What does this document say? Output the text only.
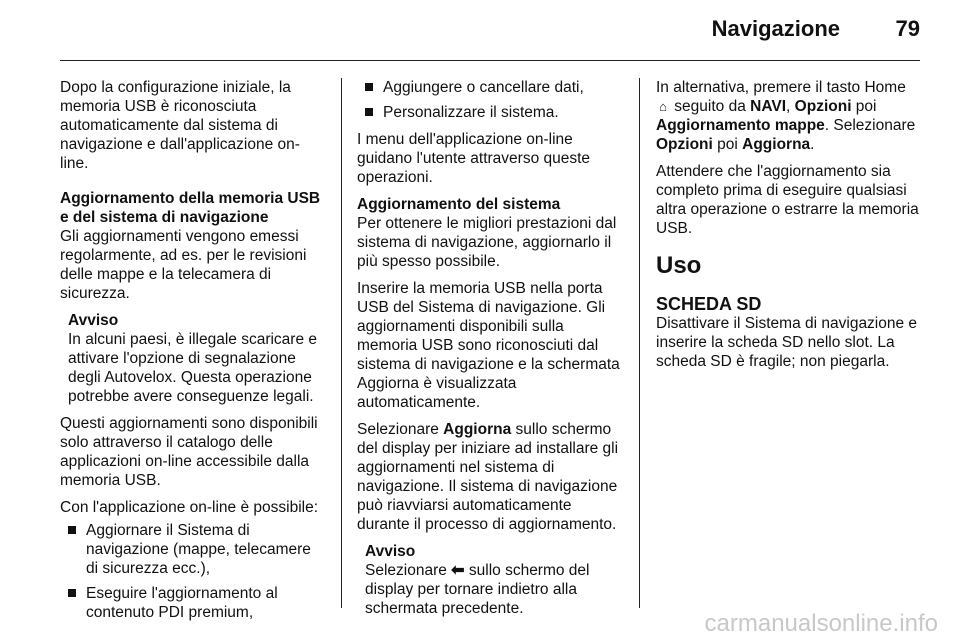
Navigazione	79

Dopo la configurazione iniziale, la memoria USB è riconosciuta automaticamente dal sistema di navigazione e dall'applicazione on-line.

Aggiornamento della memoria USB e del sistema di navigazione

Gli aggiornamenti vengono emessi regolarmente, ad es. per le revisioni delle mappe e la telecamera di sicurezza.

Avviso
In alcuni paesi, è illegale scaricare e attivare l'opzione di segnalazione degli Autovelox. Questa operazione potrebbe avere conseguenze legali.

Questi aggiornamenti sono disponibili solo attraverso il catalogo delle applicazioni on-line accessibile dalla memoria USB.

Con l'applicazione on-line è possibile:

Aggiornare il Sistema di navigazione (mappe, telecamere di sicurezza ecc.),
Eseguire l'aggiornamento al contenuto PDI premium,
Aggiungere o cancellare dati,
Personalizzare il sistema.

I menu dell'applicazione on-line guidano l'utente attraverso queste operazioni.

Aggiornamento del sistema

Per ottenere le migliori prestazioni dal sistema di navigazione, aggiornarlo il più spesso possibile.

Inserire la memoria USB nella porta USB del Sistema di navigazione. Gli aggiornamenti disponibili sulla memoria USB sono riconosciuti dal sistema di navigazione e la schermata Aggiorna è visualizzata automaticamente.

Selezionare Aggiorna sullo schermo del display per iniziare ad installare gli aggiornamenti nel sistema di navigazione. Il sistema di navigazione può riavviarsi automaticamente durante il processo di aggiornamento.

Avviso
Selezionare ⬅ sullo schermo del display per tornare indietro alla schermata precedente.

In alternativa, premere il tasto Home ⌂ seguito da NAVI, Opzioni poi Aggiornamento mappe. Selezionare Opzioni poi Aggiorna.

Attendere che l'aggiornamento sia completo prima di eseguire qualsiasi altra operazione o estrarre la memoria USB.

Uso
SCHEDA SD

Disattivare il Sistema di navigazione e inserire la scheda SD nello slot. La scheda SD è fragile; non piegarla.

carmanualsonline.info
